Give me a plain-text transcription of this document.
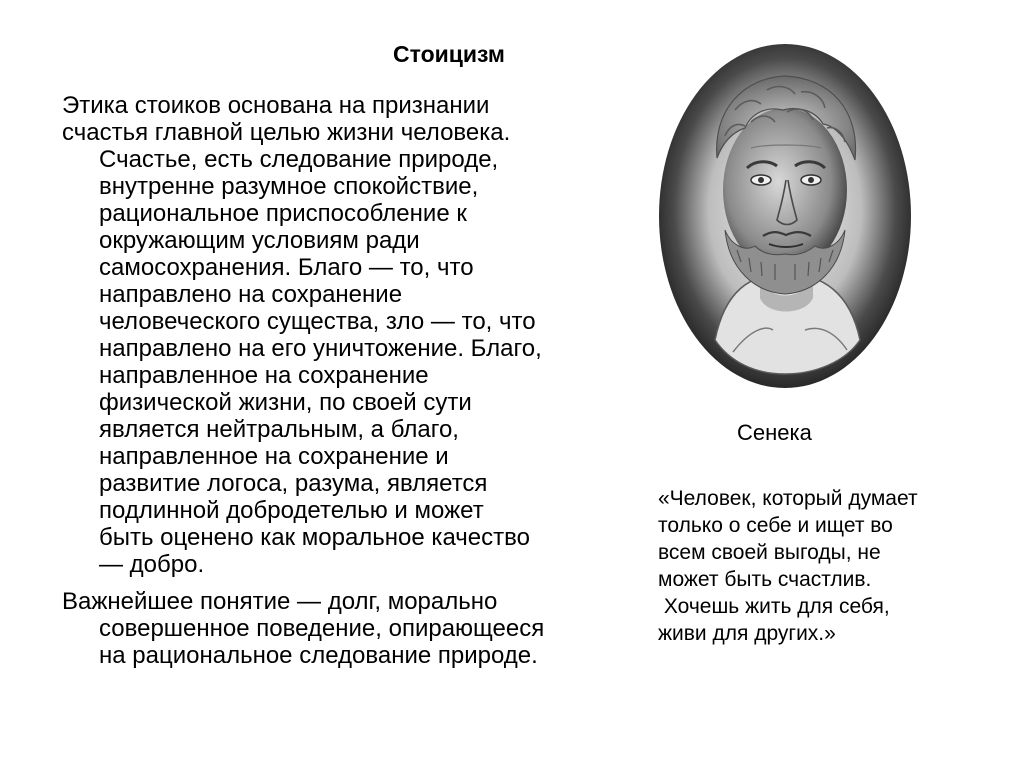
Стоицизм

Этика стоиков основана на признании
счастья главной целью жизни человека.
Счастье, есть следование природе,
внутренне разумное спокойствие,
рациональное приспособление к
окружающим условиям ради
самосохранения. Благо — то, что
направлено на сохранение
человеческого существа, зло — то, что
направлено на его уничтожение. Благо,
направленное на сохранение
физической жизни, по своей сути
является нейтральным, а благо,
направленное на сохранение и
развитие логоса, разума, является
подлинной добродетелью и может
быть оценено как моральное качество
— добро.

Важнейшее понятие — долг, морально
совершенное поведение, опирающееся
на рациональное следование природе.

Сенека
«Человек, который думает
только о себе и ищет во
всем своей выгоды, не
может быть счастлив.
Хочешь жить для себя,
живи для других.»
